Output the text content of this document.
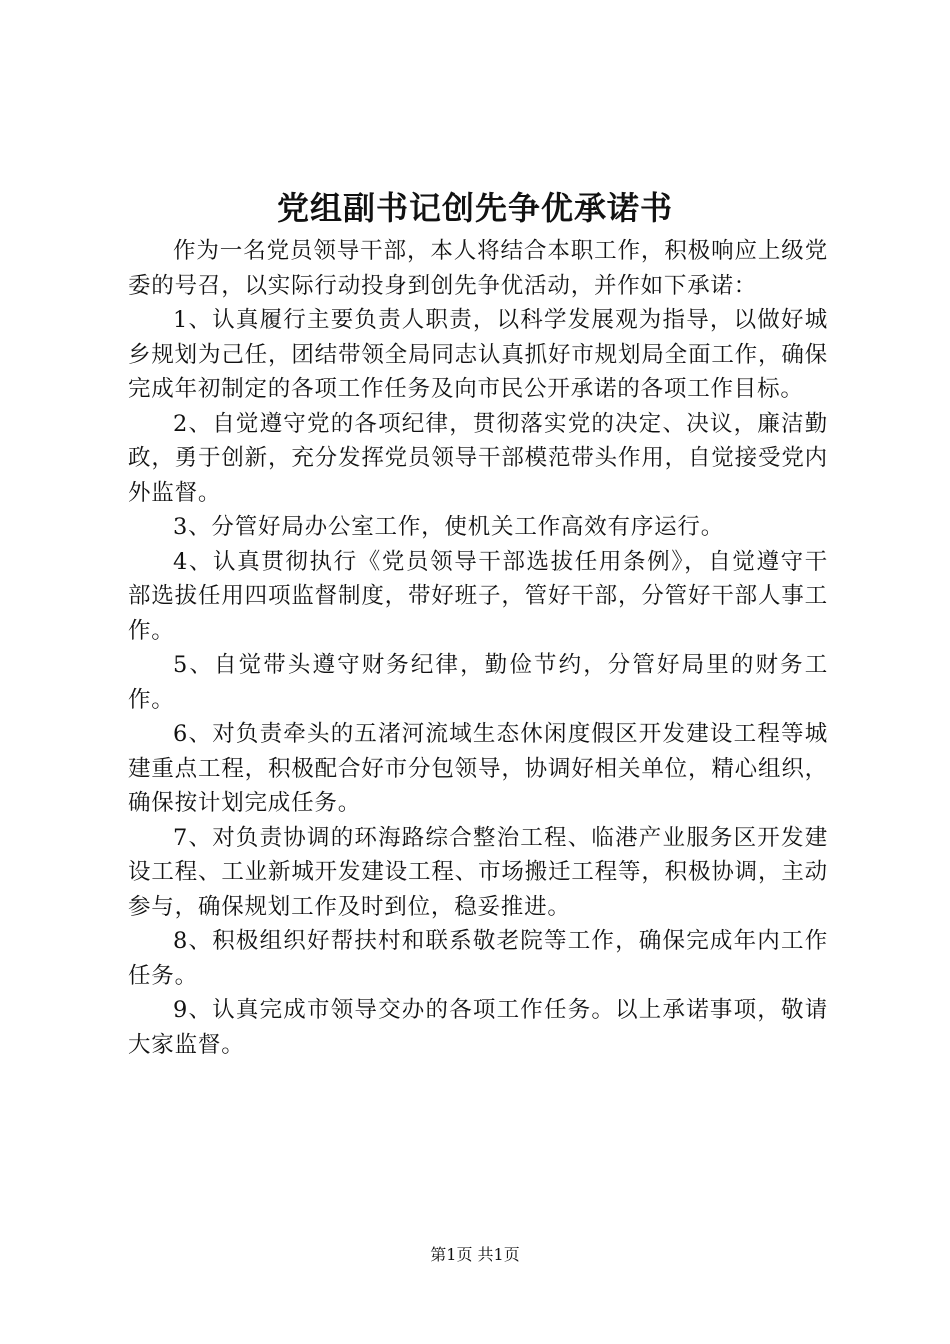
党组副书记创先争优承诺书

作为一名党员领导干部，本人将结合本职工作，积极响应上级党委的号召，以实际行动投身到创先争优活动，并作如下承诺：

1、认真履行主要负责人职责，以科学发展观为指导，以做好城乡规划为己任，团结带领全局同志认真抓好市规划局全面工作，确保完成年初制定的各项工作任务及向市民公开承诺的各项工作目标。

2、自觉遵守党的各项纪律，贯彻落实党的决定、决议，廉洁勤政，勇于创新，充分发挥党员领导干部模范带头作用，自觉接受党内外监督。

3、分管好局办公室工作，使机关工作高效有序运行。

4、认真贯彻执行《党员领导干部选拔任用条例》，自觉遵守干部选拔任用四项监督制度，带好班子，管好干部，分管好干部人事工作。

5、自觉带头遵守财务纪律，勤俭节约，分管好局里的财务工作。

6、对负责牵头的五渚河流域生态休闲度假区开发建设工程等城建重点工程，积极配合好市分包领导，协调好相关单位，精心组织，确保按计划完成任务。

7、对负责协调的环海路综合整治工程、临港产业服务区开发建设工程、工业新城开发建设工程、市场搬迁工程等，积极协调，主动参与，确保规划工作及时到位，稳妥推进。

8、积极组织好帮扶村和联系敬老院等工作，确保完成年内工作任务。

9、认真完成市领导交办的各项工作任务。以上承诺事项，敬请大家监督。

第1页 共1页
